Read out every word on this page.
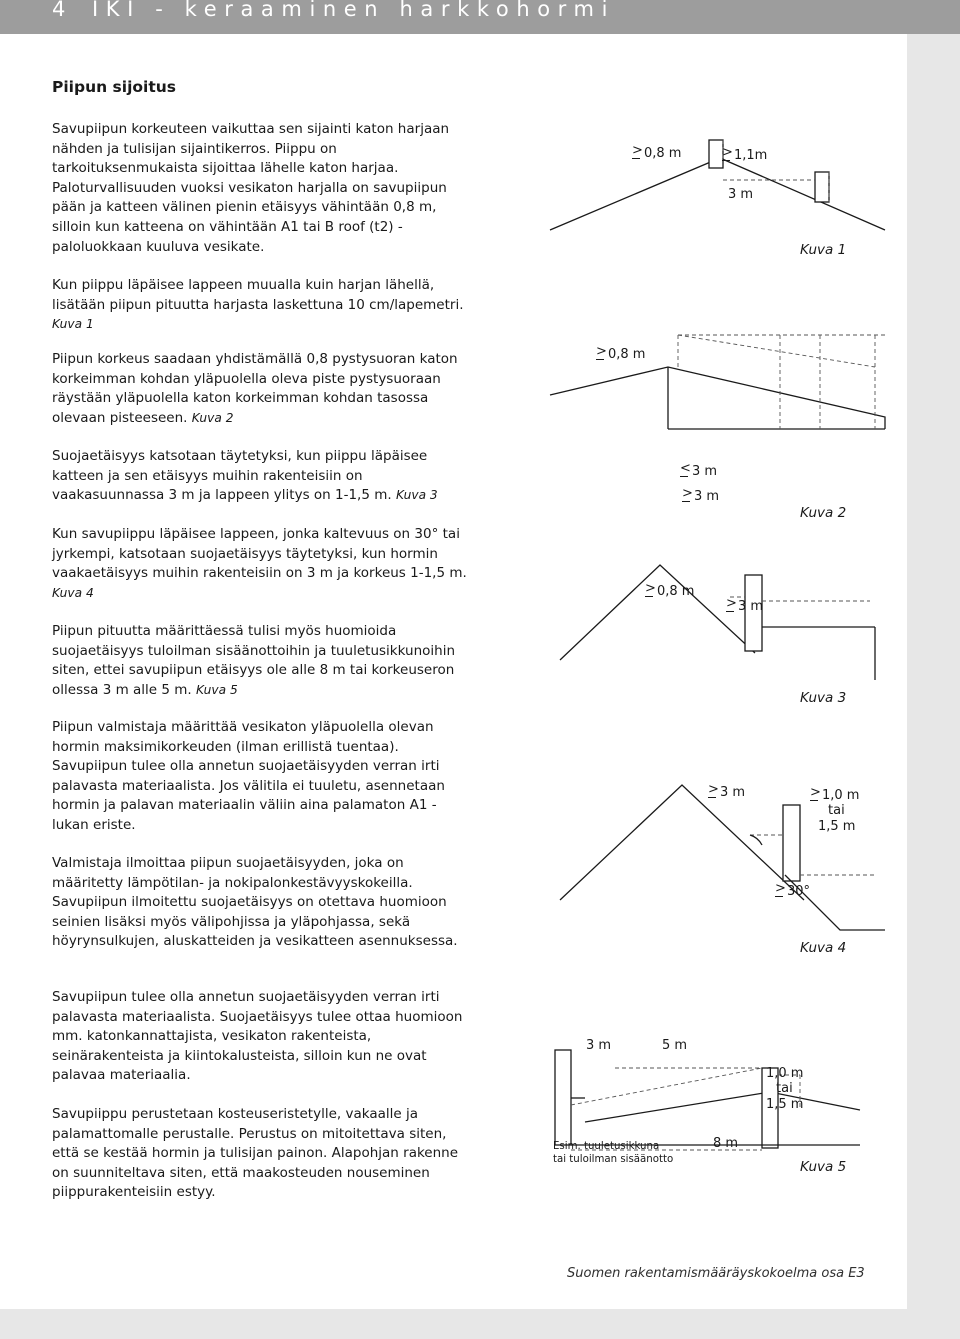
4 IKI - keraaminen harkkohormi
Piipun sijoitus

Savupiipun korkeuteen vaikuttaa sen sijainti katon harjaan nähden ja tulisijan sijaintikerros. Piippu on tarkoituksenmukaista sijoittaa lähelle katon harjaa. Paloturvallisuuden vuoksi vesikaton harjalla on savupiipun pään ja katteen välinen pienin etäisyys vähintään 0,8 m, silloin kun katteena on vähintään A1 tai B roof (t2) - paloluokkaan kuuluva vesikate.

Kun piippu läpäisee lappeen muualla kuin harjan lähellä, lisätään piipun pituutta harjasta laskettuna 10 cm/lapemetri. Kuva 1

Piipun korkeus saadaan yhdistämällä 0,8 pystysuoran katon korkeimman kohdan yläpuolella oleva piste pystysuoraan räystään yläpuolella katon korkeimman kohdan tasossa olevaan pisteeseen. Kuva 2

Suojaetäisyys katsotaan täytetyksi, kun piippu läpäisee katteen ja sen etäisyys muihin rakenteisiin on vaakasuunnassa 3 m ja lappeen ylitys on 1-1,5 m. Kuva 3

Kun savupiippu läpäisee lappeen, jonka kaltevuus on 30° tai jyrkempi, katsotaan suojaetäisyys täytetyksi, kun hormin vaakaetäisyys muihin rakenteisiin on 3 m ja korkeus 1-1,5 m. Kuva 4

Piipun pituutta määrittäessä tulisi myös huomioida suojaetäisyys tuloilman sisäänottoihin ja tuuletusikkunoihin siten, ettei savupiipun etäisyys ole alle 8 m tai korkeuseron ollessa 3 m alle 5 m. Kuva 5

Piipun valmistaja määrittää vesikaton yläpuolella olevan hormin maksimikorkeuden (ilman erillistä tuentaa). Savupiipun tulee olla annetun suojaetäisyyden verran irti palavasta materiaalista. Jos välitila ei tuuletu, asennetaan hormin ja palavan materiaalin väliin aina palamaton A1 -lukan eriste.

Valmistaja ilmoittaa piipun suojaetäisyyden, joka on määritetty lämpötilan- ja nokipalonkestävyyskokeilla. Savupiipun ilmoitettu suojaetäisyys on otettava huomioon seinien lisäksi myös välipohjissa ja yläpohjassa, sekä höyrynsulkujen, aluskatteiden ja vesikatteen asennuksessa.

Savupiipun tulee olla annetun suojaetäisyyden verran irti palavasta materiaalista. Suojaetäisyys tulee ottaa huomioon mm. katonkannattajista, vesikaton rakenteista, seinärakenteista ja kiintokalusteista, silloin kun ne ovat palavaa materiaalia.

Savupiippu perustetaan kosteuseristetylle, vakaalle ja palamattomalle perustalle. Perustus on mitoitettava siten, että se kestää hormin ja tulisijan painon. Alapohjan rakenne on suunniteltava siten, että maakosteuden nouseminen piippurakenteisiin estyy.

>0,8 m >	1,1m
3 m
Kuva 1
>0,8 m
<3 m
>3 m
Kuva 2
>0,8 m
>3 m
Kuva 3
>3 m >	1,0 m
tai
1,5 m
>30°
Kuva 4
3 m	5 m
1,0 m
tai
1,5 m
8 m
Esim. tuuletusikkuna
tai tuloilman sisäänotto	Kuva 5
Suomen rakentamismääräyskokoelma osa E3
